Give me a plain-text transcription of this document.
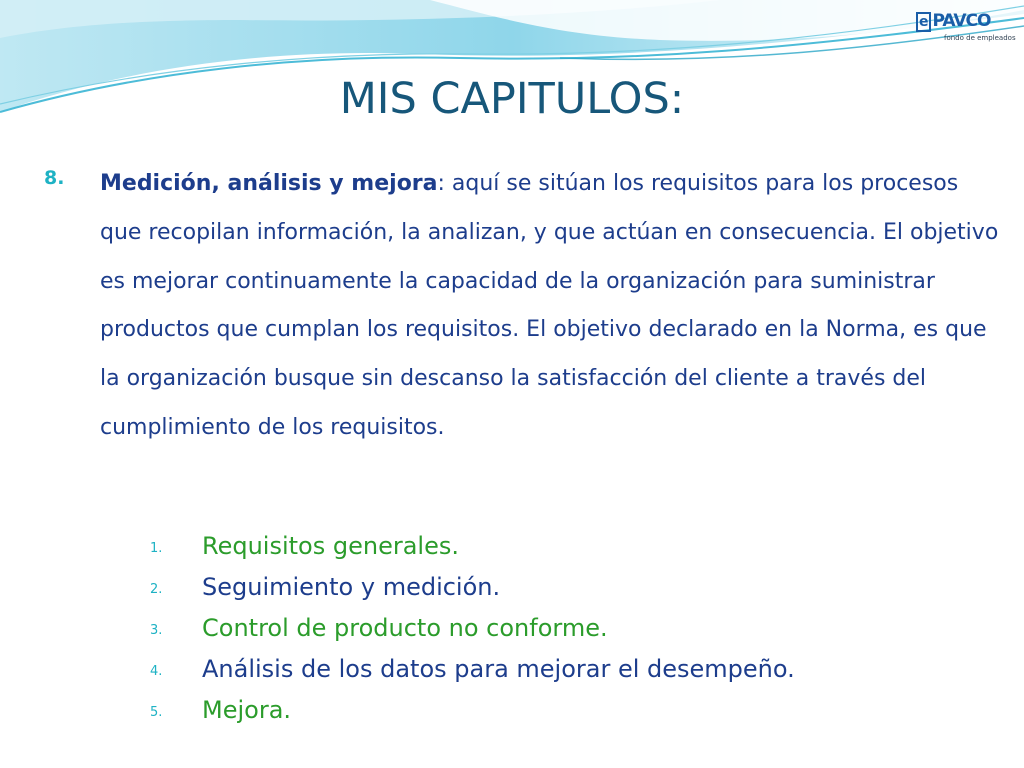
e PAVCO
fondo de empleados
MIS CAPITULOS:
8. Medición, análisis y mejora: aquí se sitúan los requisitos para los procesos que recopilan información, la analizan, y que actúan en consecuencia. El objetivo es mejorar continuamente la capacidad de la organización para suministrar productos que cumplan los requisitos. El objetivo declarado en la Norma, es que la organización busque sin descanso la satisfacción del cliente a través del cumplimiento de los requisitos.

1. Requisitos generales.
2. Seguimiento y medición.
3. Control de producto no conforme.
4. Análisis de los datos para mejorar el desempeño.
5. Mejora.
